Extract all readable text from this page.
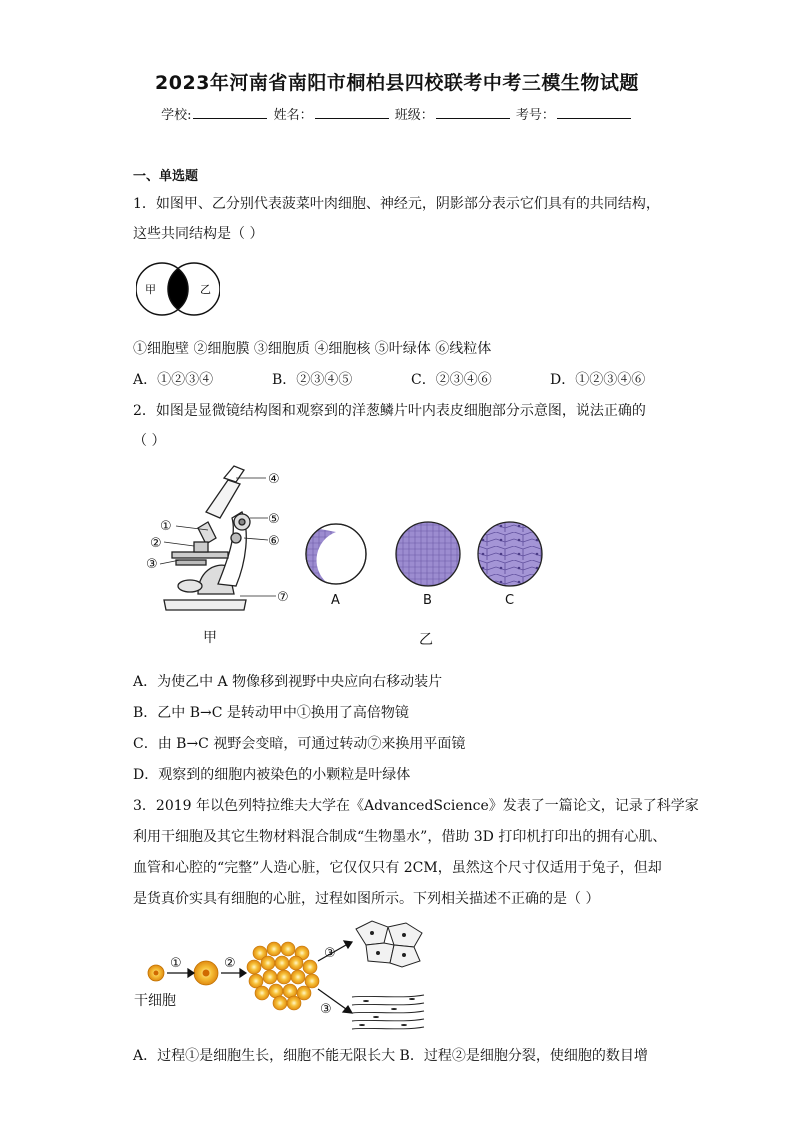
2023年河南省南阳市桐柏县四校联考中考三模生物试题
学校:	姓名：	班级：	考号：
一、单选题
1．如图甲、乙分别代表菠菜叶肉细胞、神经元，阴影部分表示它们具有的共同结构，
这些共同结构是（ ）
甲	乙
①细胞壁 ②细胞膜 ③细胞质 ④细胞核 ⑤叶绿体 ⑥线粒体
A．①②③④	B．②③④⑤	C．②③④⑥	D．①②③④⑥
2．如图是显微镜结构图和观察到的洋葱鳞片叶内表皮细胞部分示意图，说法正确的
（ ）
①
②
③
④
⑤
⑥
⑦	A	B	C
甲	乙
A．为使乙中 A 物像移到视野中央应向右移动装片
B．乙中 B→C 是转动甲中①换用了高倍物镜
C．由 B→C 视野会变暗，可通过转动⑦来换用平面镜
D．观察到的细胞内被染色的小颗粒是叶绿体
3．2019 年以色列特拉维夫大学在《AdvancedScience》发表了一篇论文，记录了科学家
利用干细胞及其它生物材料混合制成“生物墨水”，借助 3D 打印机打印出的拥有心肌、
血管和心腔的“完整”人造心脏，它仅仅只有 2CM，虽然这个尺寸仅适用于兔子，但却
是货真价实具有细胞的心脏，过程如图所示。下列相关描述不正确的是（ ）
①	②
③
③
干细胞
A．过程①是细胞生长，细胞不能无限长大 B．过程②是细胞分裂，使细胞的数目增
